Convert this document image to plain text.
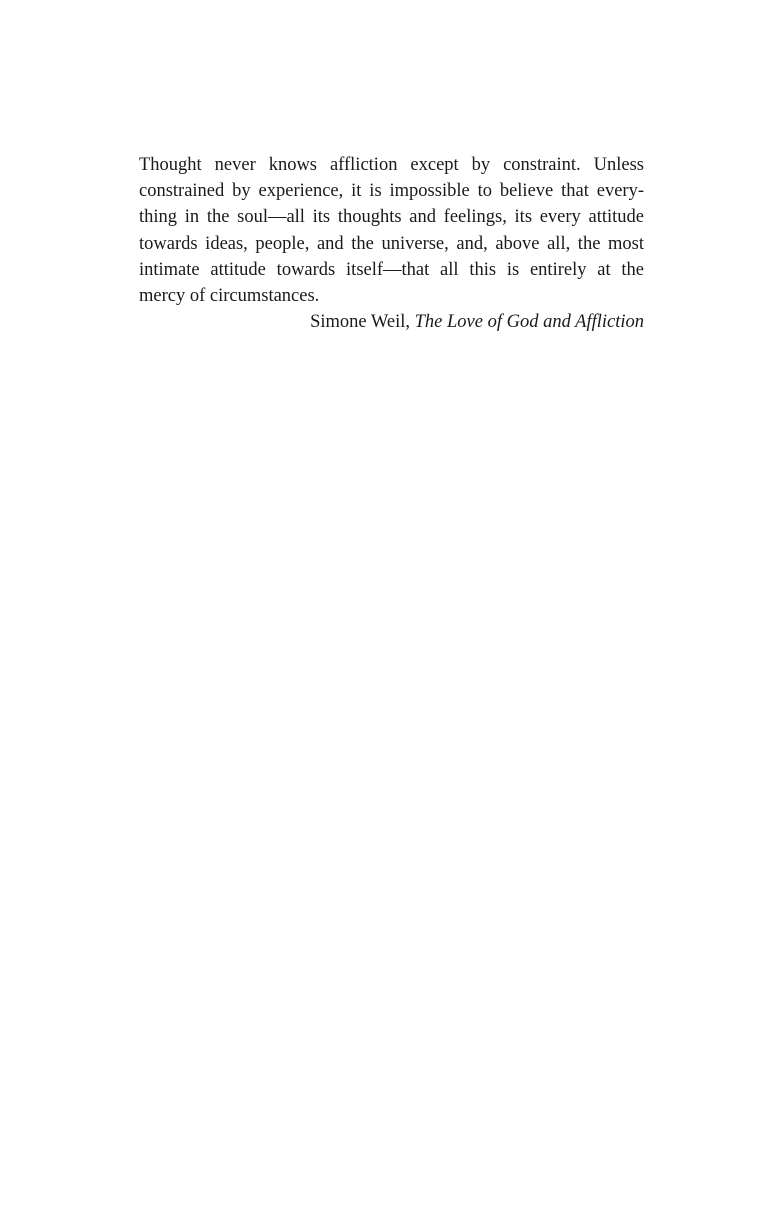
Thought never knows affliction except by constraint. Unless
constrained by experience, it is impossible to believe that every-
thing in the soul—all its thoughts and feelings, its every attitude
towards ideas, people, and the universe, and, above all, the most
intimate attitude towards itself—that all this is entirely at the
mercy of circumstances.
Simone Weil, The Love of God and Affliction
